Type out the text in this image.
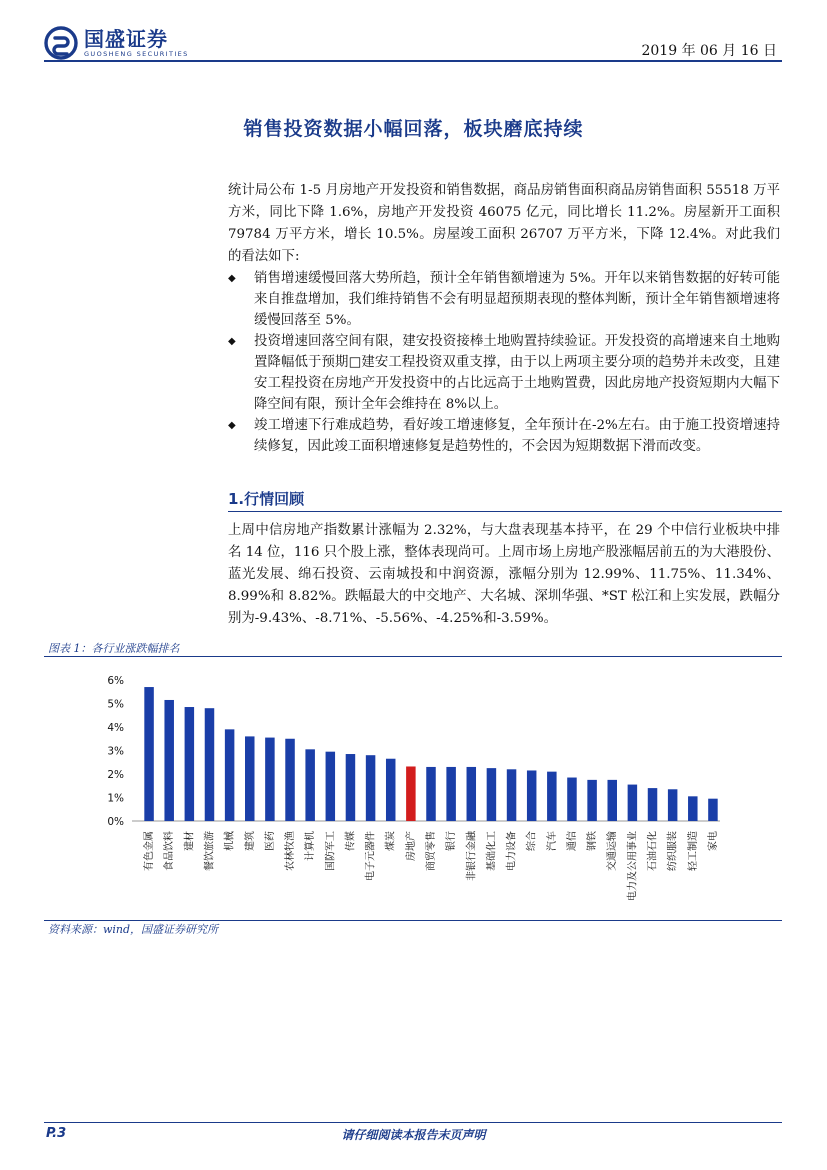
国盛证券
GUOSHENG SECURITIES	2019 年 06 月 16 日
销售投资数据小幅回落，板块磨底持续
统计局公布 1-5 月房地产开发投资和销售数据，商品房销售面积商品房销售面积 55518 万平方米，同比下降 1.6%，房地产开发投资 46075 亿元，同比增长 11.2%。房屋新开工面积 79784 万平方米，增长 10.5%。房屋竣工面积 26707 万平方米，下降 12.4%。对此我们的看法如下:
◆ 销售增速缓慢回落大势所趋，预计全年销售额增速为 5%。开年以来销售数据的好转可能来自推盘增加，我们维持销售不会有明显超预期表现的整体判断，预计全年销售额增速将缓慢回落至 5%。
◆ 投资增速回落空间有限，建安投资接棒土地购置持续验证。开发投资的高增速来自土地购置降幅低于预期□建安工程投资双重支撑，由于以上两项主要分项的趋势并未改变，且建安工程投资在房地产开发投资中的占比远高于土地购置费，因此房地产投资短期内大幅下降空间有限，预计全年会维持在 8%以上。
◆ 竣工增速下行难成趋势，看好竣工增速修复，全年预计在-2%左右。由于施工投资增速持续修复，因此竣工面积增速修复是趋势性的，不会因为短期数据下滑而改变。
1.行情回顾
上周中信房地产指数累计涨幅为 2.32%，与大盘表现基本持平，在 29 个中信行业板块中排名 14 位，116 只个股上涨，整体表现尚可。上周市场上房地产股涨幅居前五的为大港股份、蓝光发展、绵石投资、云南城投和中润资源，涨幅分别为 12.99%、11.75%、11.34%、8.99%和 8.82%。跌幅最大的中交地产、大名城、深圳华强、*ST 松江和上实发展，跌幅分别为-9.43%、-8.71%、-5.56%、-4.25%和-3.59%。
图表 1：各行业涨跌幅排名
0%
1%
2%
3%
4%
5%
6%
有色金属 食品饮料 建材 餐饮旅游 机械 建筑 医药 农林牧渔 计算机 国防军工 传媒 电子元器件 煤炭 房地产 商贸零售 银行 非银行金融 基础化工 电力设备 综合 汽车 通信 钢铁 交通运输 电力及公用事业 石油石化 纺织服装 轻工制造 家电
资料来源：wind，国盛证券研究所
P.3	请仔细阅读本报告末页声明
